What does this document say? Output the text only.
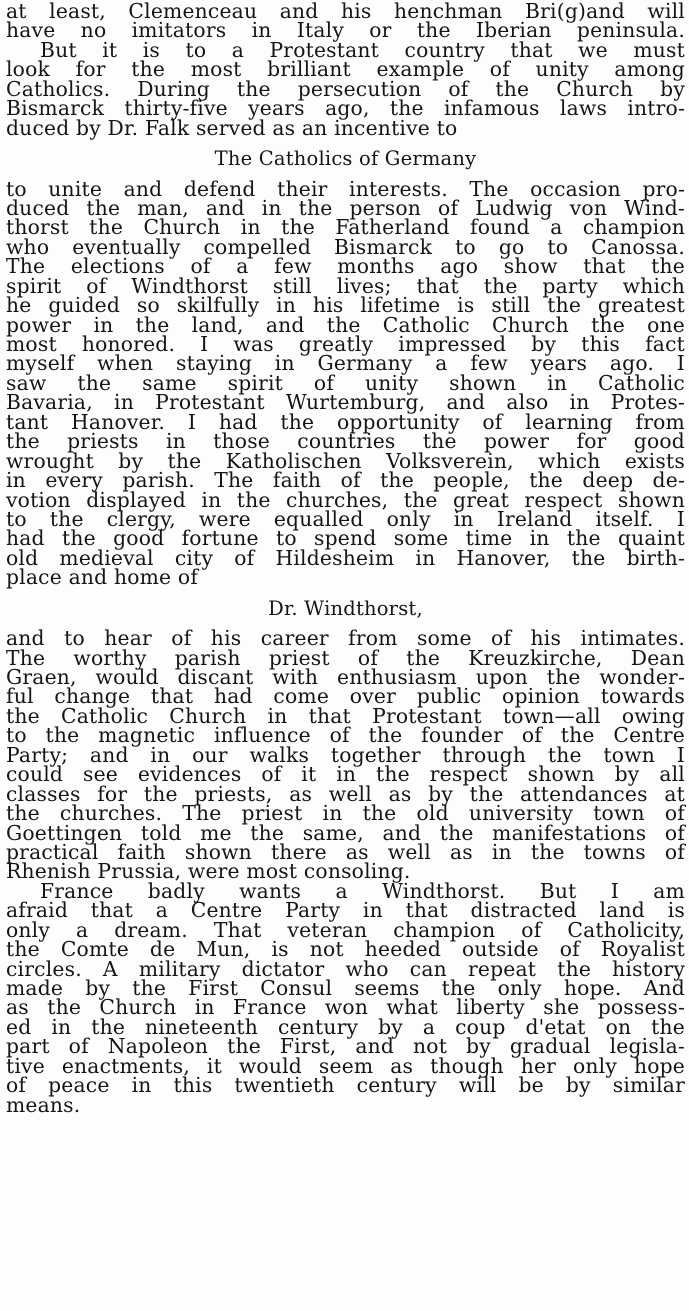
at least, Clemenceau and his henchman Bri(g)and will
have no imitators in Italy or the Iberian peninsula.
But it is to a Protestant country that we must
look for the most brilliant example of unity among
Catholics. During the persecution of the Church by
Bismarck thirty-five years ago, the infamous laws intro-
duced by Dr. Falk served as an incentive to
The Catholics of Germany
to unite and defend their interests. The occasion pro-
duced the man, and in the person of Ludwig von Wind-
thorst the Church in the Fatherland found a champion
who eventually compelled Bismarck to go to Canossa.
The elections of a few months ago show that the
spirit of Windthorst still lives; that the party which
he guided so skilfully in his lifetime is still the greatest
power in the land, and the Catholic Church the one
most honored. I was greatly impressed by this fact
myself when staying in Germany a few years ago. I
saw the same spirit of unity shown in Catholic
Bavaria, in Protestant Wurtemburg, and also in Protes-
tant Hanover. I had the opportunity of learning from
the priests in those countries the power for good
wrought by the Katholischen Volksverein, which exists
in every parish. The faith of the people, the deep de-
votion displayed in the churches, the great respect shown
to the clergy, were equalled only in Ireland itself. I
had the good fortune to spend some time in the quaint
old medieval city of Hildesheim in Hanover, the birth-
place and home of
Dr. Windthorst,
and to hear of his career from some of his intimates.
The worthy parish priest of the Kreuzkirche, Dean
Graen, would discant with enthusiasm upon the wonder-
ful change that had come over public opinion towards
the Catholic Church in that Protestant town—all owing
to the magnetic influence of the founder of the Centre
Party; and in our walks together through the town I
could see evidences of it in the respect shown by all
classes for the priests, as well as by the attendances at
the churches. The priest in the old university town of
Goettingen told me the same, and the manifestations of
practical faith shown there as well as in the towns of
Rhenish Prussia, were most consoling.
France badly wants a Windthorst. But I am
afraid that a Centre Party in that distracted land is
only a dream. That veteran champion of Catholicity,
the Comte de Mun, is not heeded outside of Royalist
circles. A military dictator who can repeat the history
made by the First Consul seems the only hope. And
as the Church in France won what liberty she possess-
ed in the nineteenth century by a coup d'etat on the
part of Napoleon the First, and not by gradual legisla-
tive enactments, it would seem as though her only hope
of peace in this twentieth century will be by similar
means.
